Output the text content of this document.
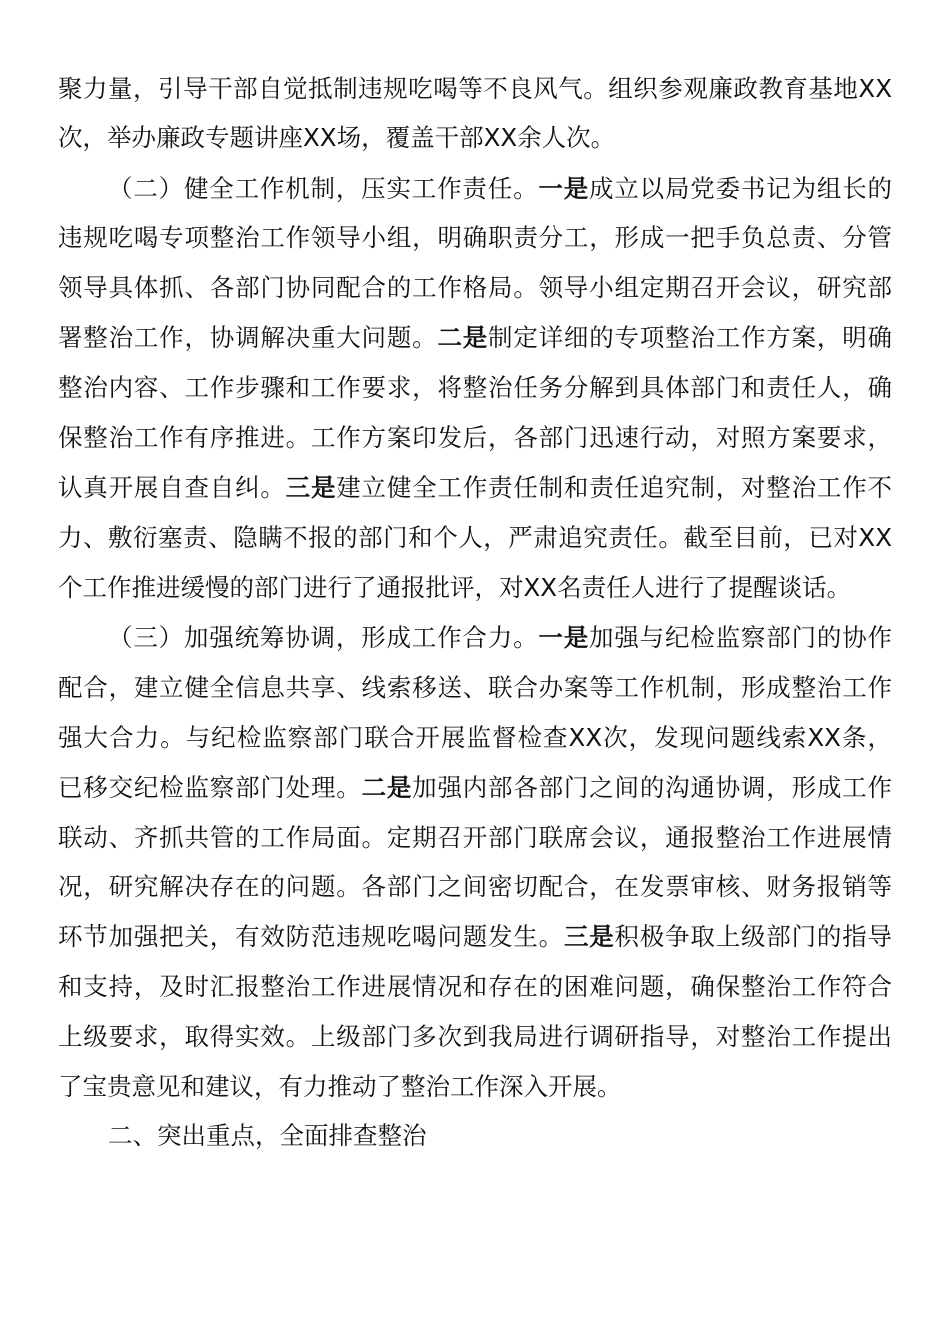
聚力量，引导干部自觉抵制违规吃喝等不良风气。组织参观廉政教育基地XX
次，举办廉政专题讲座XX场，覆盖干部XX余人次。
（二）健全工作机制，压实工作责任。一是成立以局党委书记为组长的
违规吃喝专项整治工作领导小组，明确职责分工，形成一把手负总责、分管
领导具体抓、各部门协同配合的工作格局。领导小组定期召开会议，研究部
署整治工作，协调解决重大问题。二是制定详细的专项整治工作方案，明确
整治内容、工作步骤和工作要求，将整治任务分解到具体部门和责任人，确
保整治工作有序推进。工作方案印发后，各部门迅速行动，对照方案要求，
认真开展自查自纠。三是建立健全工作责任制和责任追究制，对整治工作不
力、敷衍塞责、隐瞒不报的部门和个人，严肃追究责任。截至目前，已对XX
个工作推进缓慢的部门进行了通报批评，对XX名责任人进行了提醒谈话。
（三）加强统筹协调，形成工作合力。一是加强与纪检监察部门的协作
配合，建立健全信息共享、线索移送、联合办案等工作机制，形成整治工作
强大合力。与纪检监察部门联合开展监督检查XX次，发现问题线索XX条，
已移交纪检监察部门处理。二是加强内部各部门之间的沟通协调，形成工作
联动、齐抓共管的工作局面。定期召开部门联席会议，通报整治工作进展情
况，研究解决存在的问题。各部门之间密切配合，在发票审核、财务报销等
环节加强把关，有效防范违规吃喝问题发生。三是积极争取上级部门的指导
和支持，及时汇报整治工作进展情况和存在的困难问题，确保整治工作符合
上级要求，取得实效。上级部门多次到我局进行调研指导，对整治工作提出
了宝贵意见和建议，有力推动了整治工作深入开展。
二、突出重点，全面排查整治
